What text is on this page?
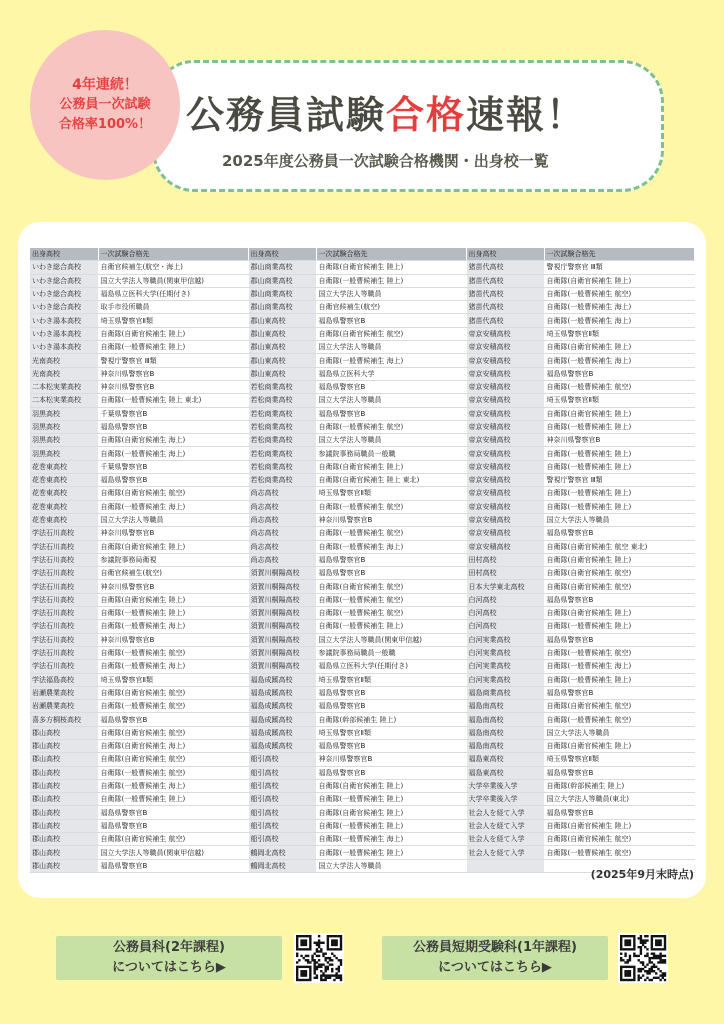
4年連続！
公務員一次試験
合格率100%！ 公務員試験合格速報！
2025年度公務員一次試験合格機関・出身校一覧
出身高校	一次試験合格先	出身高校	一次試験合格先	出身高校	一次試験合格先
いわき総合高校	自衛官候補生(航空・海上)	郡山商業高校	自衛隊(自衛官候補生 陸上)	猪苗代高校	警視庁警察官 Ⅲ類
いわき総合高校	国立大学法人等職員(関東甲信越)	郡山商業高校	自衛隊(一般曹候補生 陸上)	猪苗代高校	自衛隊(自衛官候補生 陸上)
いわき総合高校	福島県立医科大学(任期付き)	郡山商業高校	国立大学法人等職員	猪苗代高校	自衛隊(一般曹候補生 航空)
いわき総合高校	取手市役所職員	郡山商業高校	自衛官候補生(航空)	猪苗代高校	自衛隊(一般曹候補生 海上)
いわき湯本高校	埼玉県警察官Ⅱ類	郡山東高校	福島県警察官B	猪苗代高校	自衛隊(一般曹候補生 海上)
いわき湯本高校	自衛隊(自衛官候補生 陸上)	郡山東高校	自衛隊(自衛官候補生 航空)	帝京安積高校	埼玉県警察官Ⅱ類
いわき湯本高校	自衛隊(一般曹候補生 陸上)	郡山東高校	国立大学法人等職員	帝京安積高校	自衛隊(自衛官候補生 陸上)
光南高校	警視庁警察官 Ⅲ類	郡山東高校	自衛隊(一般曹候補生 海上)	帝京安積高校	自衛隊(一般曹候補生 海上)
光南高校	神奈川県警察官B	郡山東高校	福島県立医科大学	帝京安積高校	福島県警察官B
二本松実業高校	神奈川県警察官B	若松商業高校	福島県警察官B	帝京安積高校	自衛隊(一般曹候補生 航空)
二本松実業高校	自衛隊(一般曹候補生 陸上 東北)	若松商業高校	国立大学法人等職員	帝京安積高校	埼玉県警察官Ⅱ類
羽黒高校	千葉県警察官B	若松商業高校	福島県警察官B	帝京安積高校	自衛隊(自衛官候補生 陸上)
羽黒高校	福島県警察官B	若松商業高校	自衛隊(一般曹候補生 航空)	帝京安積高校	自衛隊(一般曹候補生 陸上)
羽黒高校	自衛隊(自衛官候補生 海上)	若松商業高校	国立大学法人等職員	帝京安積高校	神奈川県警察官B
羽黒高校	自衛隊(一般曹候補生 海上)	若松商業高校	参議院事務局職員一般職	帝京安積高校	自衛隊(一般曹候補生 陸上)
花巻東高校	千葉県警察官B	若松商業高校	自衛隊(自衛官候補生 陸上)	帝京安積高校	自衛隊(一般曹候補生 陸上)
花巻東高校	福島県警察官B	若松商業高校	自衛隊(自衛官候補生 陸上 東北)	帝京安積高校	警視庁警察官 Ⅲ類
花巻東高校	自衛隊(自衛官候補生 航空)	尚志高校	埼玉県警察官Ⅱ類	帝京安積高校	自衛隊(一般曹候補生 陸上)
花巻東高校	自衛隊(一般曹候補生 海上)	尚志高校	自衛隊(一般曹候補生 航空)	帝京安積高校	自衛隊(一般曹候補生 陸上)
花巻東高校	国立大学法人等職員	尚志高校	神奈川県警察官B	帝京安積高校	国立大学法人等職員
学法石川高校	神奈川県警察官B	尚志高校	自衛隊(一般曹候補生 航空)	帝京安積高校	福島県警察官B
学法石川高校	自衛隊(自衛官候補生 陸上)	尚志高校	自衛隊(一般曹候補生 海上)	帝京安積高校	自衛隊(自衛官候補生 航空 東北)
学法石川高校	参議院事務局衛視	尚志高校	福島県警察官B	田村高校	自衛隊(自衛官候補生 陸上)
学法石川高校	自衛官候補生(航空)	須賀川桐陽高校	福島県警察官B	田村高校	自衛隊(自衛官候補生 航空)
学法石川高校	神奈川県警察官B	須賀川桐陽高校	自衛隊(自衛官候補生 航空)	日本大学東北高校	自衛隊(自衛官候補生 航空)
学法石川高校	自衛隊(自衛官候補生 陸上)	須賀川桐陽高校	自衛隊(一般曹候補生 航空)	白河高校	福島県警察官B
学法石川高校	自衛隊(一般曹候補生 陸上)	須賀川桐陽高校	自衛隊(一般曹候補生 航空)	白河高校	自衛隊(自衛官候補生 陸上)
学法石川高校	自衛隊(一般曹候補生 海上)	須賀川桐陽高校	自衛隊(一般曹候補生 陸上)	白河高校	自衛隊(一般曹候補生 陸上)
学法石川高校	神奈川県警察官B	須賀川桐陽高校	国立大学法人等職員(関東甲信越)	白河実業高校	福島県警察官B
学法石川高校	自衛隊(一般曹候補生 航空)	須賀川桐陽高校	参議院事務局職員一般職	白河実業高校	自衛隊(一般曹候補生 航空)
学法石川高校	自衛隊(一般曹候補生 海上)	須賀川桐陽高校	福島県立医科大学(任期付き)	白河実業高校	自衛隊(一般曹候補生 海上)
学法福島高校	埼玉県警察官Ⅱ類	福島成蹊高校	埼玉県警察官Ⅱ類	白河実業高校	自衛隊(一般曹候補生 陸上)
岩瀬農業高校	自衛隊(自衛官候補生 航空)	福島成蹊高校	福島県警察官B	福島商業高校	福島県警察官B
岩瀬農業高校	自衛隊(一般曹候補生 航空)	福島成蹊高校	福島県警察官B	福島南高校	自衛隊(自衛官候補生 航空)
喜多方桐桜高校	福島県警察官B	福島成蹊高校	自衛隊(幹部候補生 陸上)	福島南高校	自衛隊(一般曹候補生 航空)
郡山高校	自衛隊(自衛官候補生 航空)	福島成蹊高校	埼玉県警察官Ⅱ類	福島南高校	国立大学法人等職員
郡山高校	自衛隊(自衛官候補生 海上)	福島成蹊高校	福島県警察官B	福島南高校	自衛隊(自衛官候補生 陸上)
郡山高校	自衛隊(自衛官候補生 航空)	船引高校	神奈川県警察官B	福島東高校	埼玉県警察官Ⅱ類
郡山高校	自衛隊(一般曹候補生 航空)	船引高校	福島県警察官B	福島東高校	福島県警察官B
郡山高校	自衛隊(一般曹候補生 海上)	船引高校	自衛隊(自衛官候補生 陸上)	大学卒業後入学	自衛隊(幹部候補生 陸上)
郡山高校	自衛隊(一般曹候補生 陸上)	船引高校	自衛隊(一般曹候補生 陸上)	大学卒業後入学	国立大学法人等職員(東北)
郡山高校	福島県警察官B	船引高校	自衛隊(自衛官候補生 陸上)	社会人を経て入学	福島県警察官B
郡山高校	福島県警察官B	船引高校	自衛隊(一般曹候補生 陸上)	社会人を経て入学	自衛隊(自衛官候補生 陸上)
郡山高校	自衛隊(自衛官候補生 航空)	船引高校	自衛隊(一般曹候補生 海上)	社会人を経て入学	自衛隊(自衛官候補生 航空)
郡山高校	国立大学法人等職員(関東甲信越)	鶴岡北高校	自衛隊(一般曹候補生 陸上)	社会人を経て入学	自衛隊(一般曹候補生 航空)
郡山高校	福島県警察官B	鶴岡北高校	国立大学法人等職員		
(2025年9月末時点)
公務員科(2年課程)
についてはこちら▶
公務員短期受験科(1年課程)
についてはこちら▶
